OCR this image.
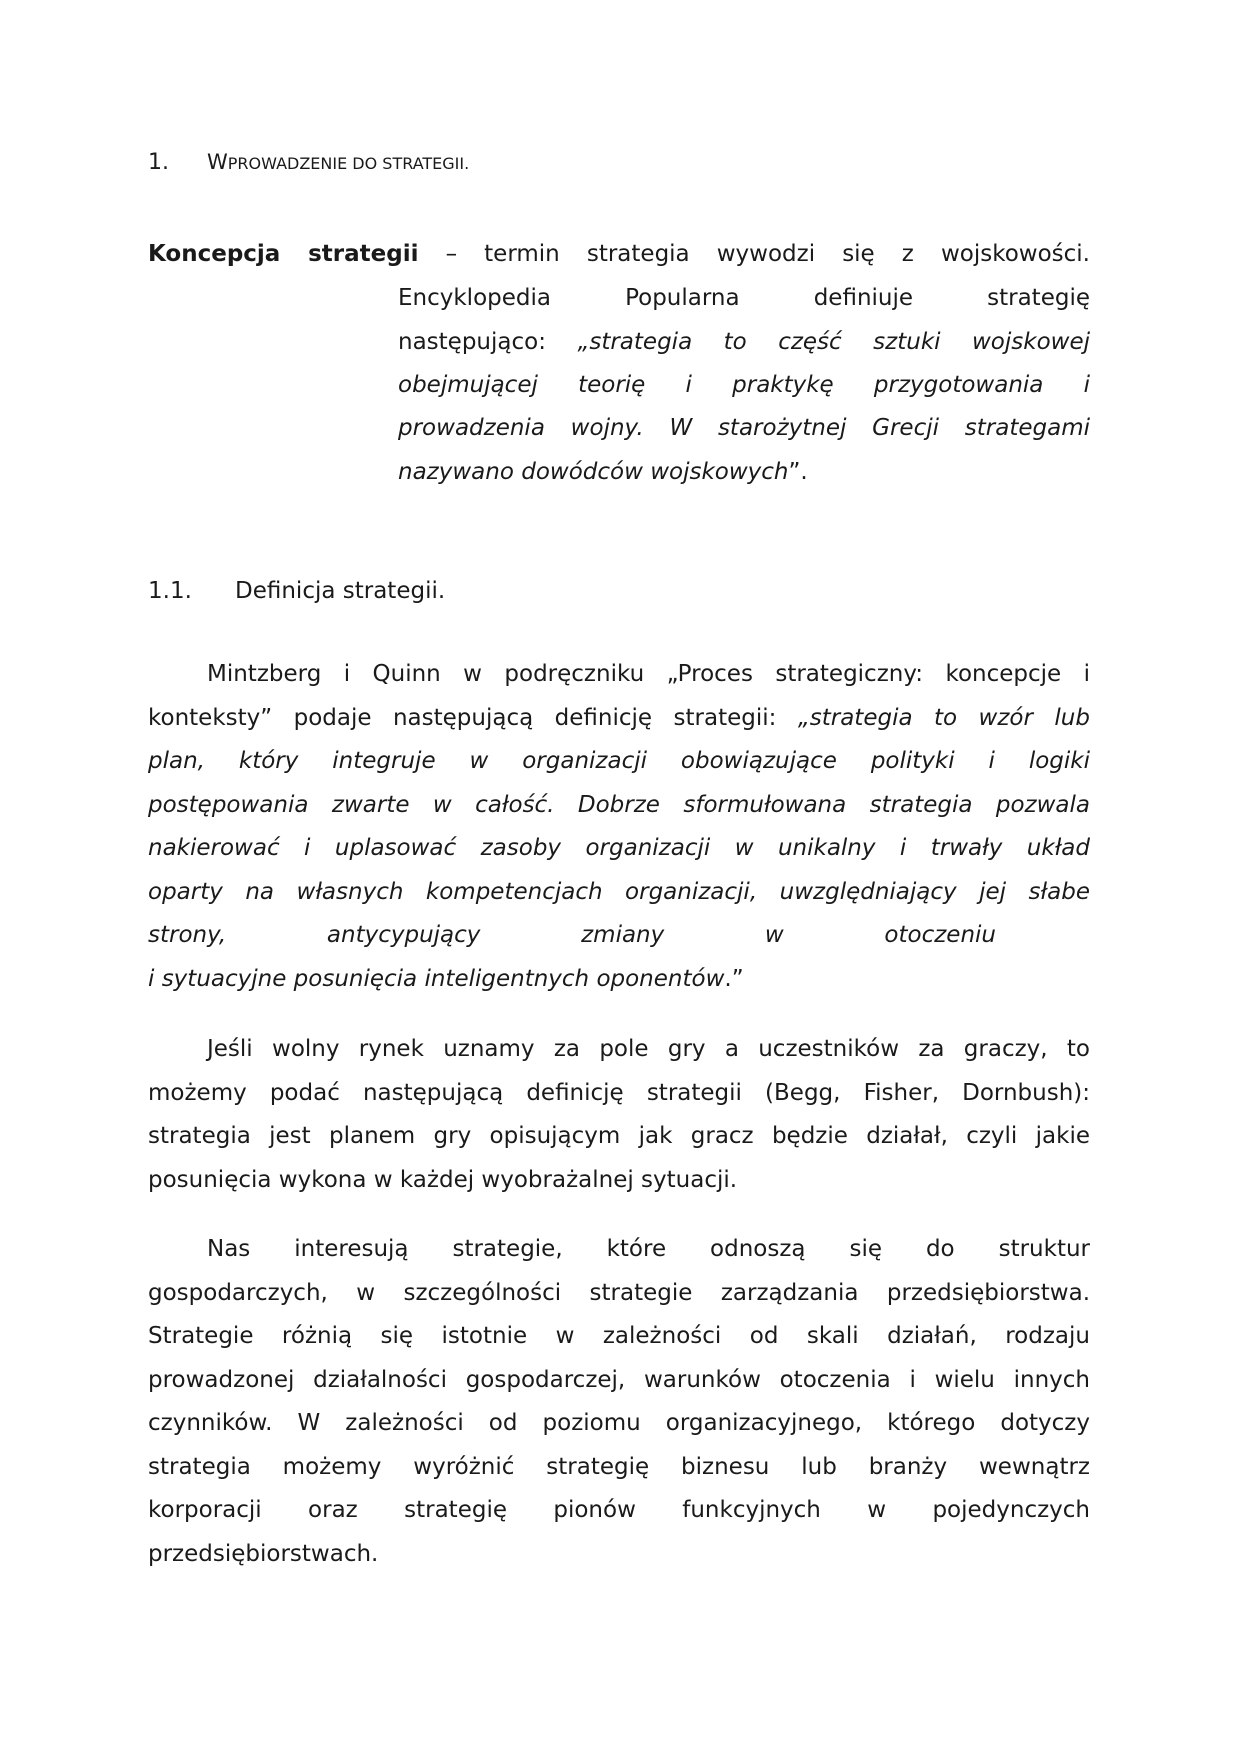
1. WPROWADZENIE DO STRATEGII.
Koncepcja strategii – termin strategia wywodzi się z wojskowości.
Encyklopedia Popularna definiuje strategię
następująco: „strategia to część sztuki wojskowej
obejmującej teorię i praktykę przygotowania i
prowadzenia wojny. W starożytnej Grecji strategami
nazywano dowódców wojskowych”.
1.1. Definicja strategii.
Mintzberg i Quinn w podręczniku „Proces strategiczny: koncepcje i
konteksty” podaje następującą definicję strategii: „strategia to wzór lub
plan, który integruje w organizacji obowiązujące polityki i logiki
postępowania zwarte w całość. Dobrze sformułowana strategia pozwala
nakierować i uplasować zasoby organizacji w unikalny i trwały układ
oparty na własnych kompetencjach organizacji, uwzględniający jej słabe
strony, antycypujący zmiany w otoczeniu
i sytuacyjne posunięcia inteligentnych oponentów.”
Jeśli wolny rynek uznamy za pole gry a uczestników za graczy, to
możemy podać następującą definicję strategii (Begg, Fisher, Dornbush):
strategia jest planem gry opisującym jak gracz będzie działał, czyli jakie
posunięcia wykona w każdej wyobrażalnej sytuacji.
Nas interesują strategie, które odnoszą się do struktur
gospodarczych, w szczególności strategie zarządzania przedsiębiorstwa.
Strategie różnią się istotnie w zależności od skali działań, rodzaju
prowadzonej działalności gospodarczej, warunków otoczenia i wielu innych
czynników. W zależności od poziomu organizacyjnego, którego dotyczy
strategia możemy wyróżnić strategię biznesu lub branży wewnątrz
korporacji oraz strategię pionów funkcyjnych w pojedynczych
przedsiębiorstwach.
